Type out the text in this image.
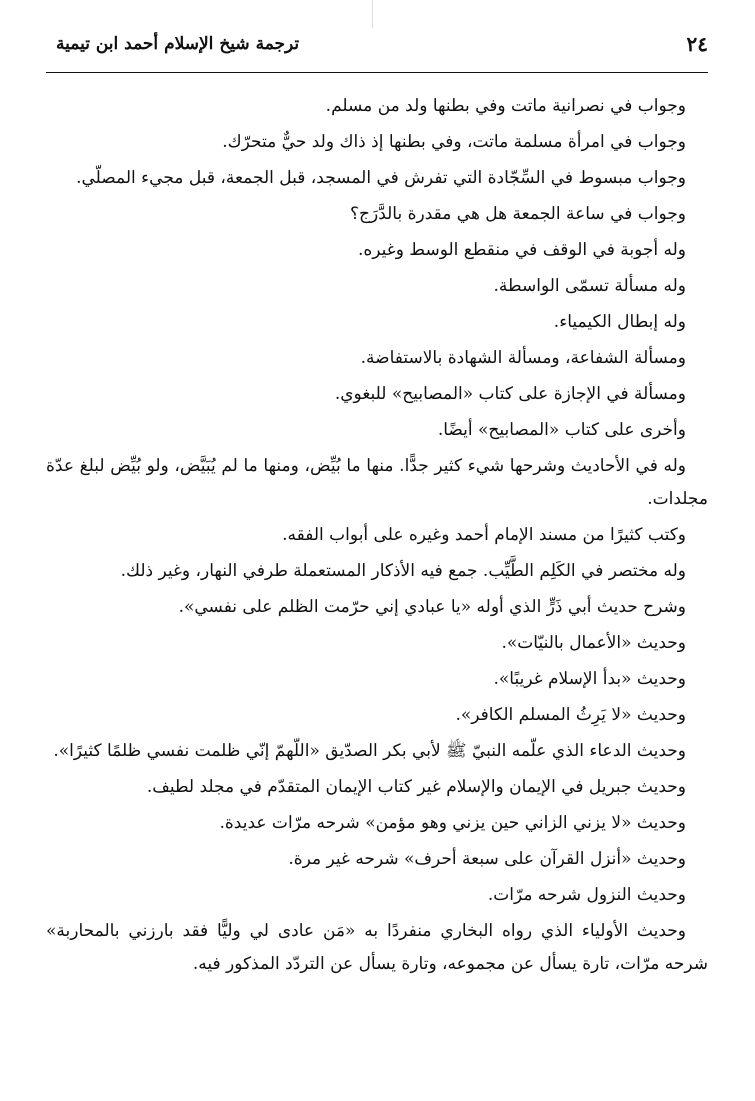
ترجمة شيخ الإسلام أحمد ابن تيمية	٢٤

وجواب في نصرانية ماتت وفي بطنها ولد من مسلم.

وجواب في امرأة مسلمة ماتت، وفي بطنها إذ ذاك ولد حيٌّ متحرّك.

وجواب مبسوط في السِّجّادة التي تفرش في المسجد، قبل الجمعة، قبل مجيء المصلّي.

وجواب في ساعة الجمعة هل هي مقدرة بالدَّرَج؟

وله أجوبة في الوقف في منقطع الوسط وغيره.

وله مسألة تسمّى الواسطة.

وله إبطال الكيمياء.

ومسألة الشفاعة، ومسألة الشهادة بالاستفاضة.

ومسألة في الإجازة على كتاب «المصابيح» للبغوي.

وأخرى على كتاب «المصابيح» أيضًا.

وله في الأحاديث وشرحها شيء كثير جدًّا. منها ما بُيِّض، ومنها ما لم يُبَيَّض، ولو بُيِّض لبلغ عدّة مجلدات.

وكتب كثيرًا من مسند الإمام أحمد وغيره على أبواب الفقه.

وله مختصر في الكَلِم الطَّيِّب. جمع فيه الأذكار المستعملة طرفي النهار، وغير ذلك.

وشرح حديث أبي ذَرٍّ الذي أوله «يا عبادي إني حرّمت الظلم على نفسي».

وحديث «الأعمال بالنيّات».

وحديث «بدأ الإسلام غريبًا».

وحديث «لا يَرِثُ المسلم الكافر».

وحديث الدعاء الذي علّمه النبيّ ﷺ لأبي بكر الصدّيق «اللّهمّ إنّي ظلمت نفسي ظلمًا كثيرًا».

وحديث جبريل في الإيمان والإسلام غير كتاب الإيمان المتقدّم في مجلد لطيف.

وحديث «لا يزني الزاني حين يزني وهو مؤمن» شرحه مرّات عديدة.

وحديث «أنزل القرآن على سبعة أحرف» شرحه غير مرة.

وحديث النزول شرحه مرّات.

وحديث الأولياء الذي رواه البخاري منفردًا به «مَن عادى لي وليًّا فقد بارزني بالمحاربة» شرحه مرّات، تارة يسأل عن مجموعه، وتارة يسأل عن التردّد المذكور فيه.
